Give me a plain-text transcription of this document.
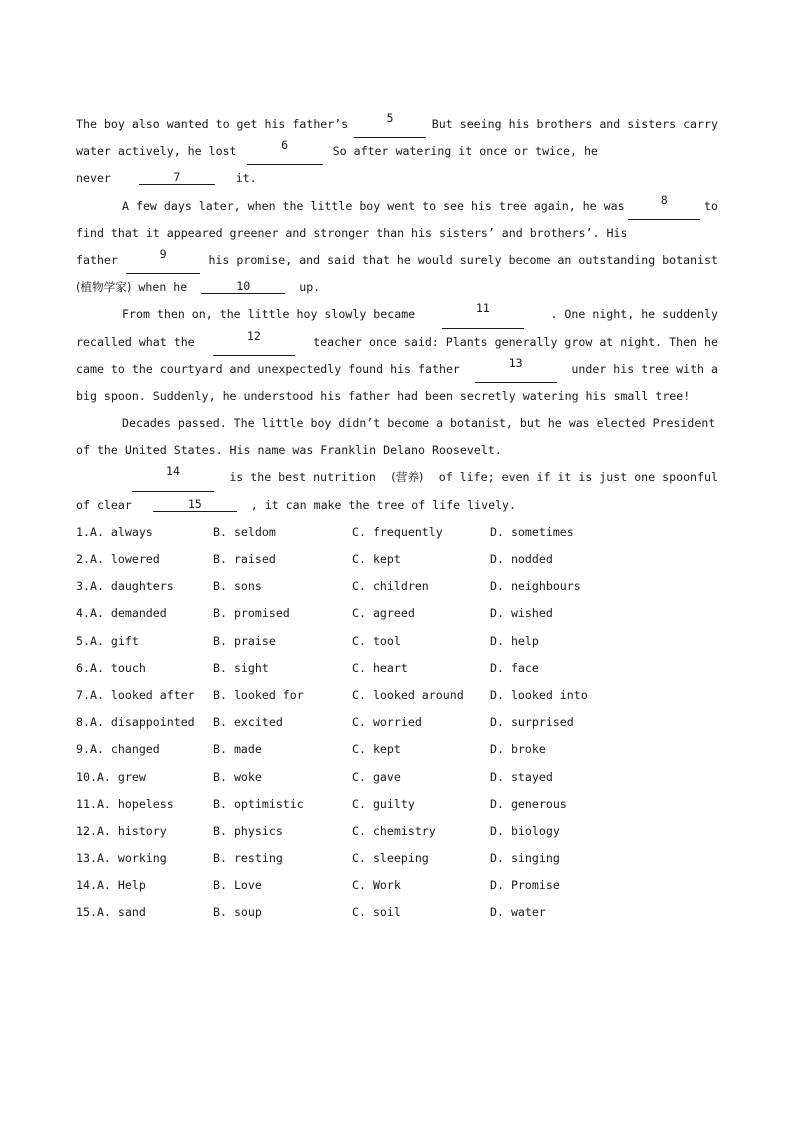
The boy also wanted to get his father’s	5	But seeing his brothers and sisters carry
water actively, he lost	6	So after watering it once or twice, he
never	7	it.
A few days later, when the little boy went to see his tree again, he was	8	to
find that it appeared greener and stronger than his sisters’ and brothers’. His
father	9	his promise, and said that he would surely become an outstanding botanist
(植物学家) when he	10	up.
From then on, the little hoy slowly became	11	. One night, he suddenly
recalled what the	12	teacher once said: Plants generally grow at night. Then he
came to the courtyard and unexpectedly found his father	13	under his tree with a
big spoon. Suddenly, he understood his father had been secretly watering his small tree!
Decades passed. The little boy didn’t become a botanist, but he was elected President
of the United States. His name was Franklin Delano Roosevelt.
14	is the best nutrition (营养) of life; even if it is just one spoonful
of clear	15	, it can make the tree of life lively.
1.A. always	B. seldom	C. frequently	D. sometimes
2.A. lowered	B. raised	C. kept	D. nodded
3.A. daughters	B. sons	C. children	D. neighbours
4.A. demanded	B. promised	C. agreed	D. wished
5.A. gift	B. praise	C. tool	D. help
6.A. touch	B. sight	C. heart	D. face
7.A. looked after	B. looked for	C. looked around	D. looked into
8.A. disappointed	B. excited	C. worried	D. surprised
9.A. changed	B. made	C. kept	D. broke
10.A. grew	B. woke	C. gave	D. stayed
11.A. hopeless	B. optimistic	C. guilty	D. generous
12.A. history	B. physics	C. chemistry	D. biology
13.A. working	B. resting	C. sleeping	D. singing
14.A. Help	B. Love	C. Work	D. Promise
15.A. sand	B. soup	C. soil	D. water
